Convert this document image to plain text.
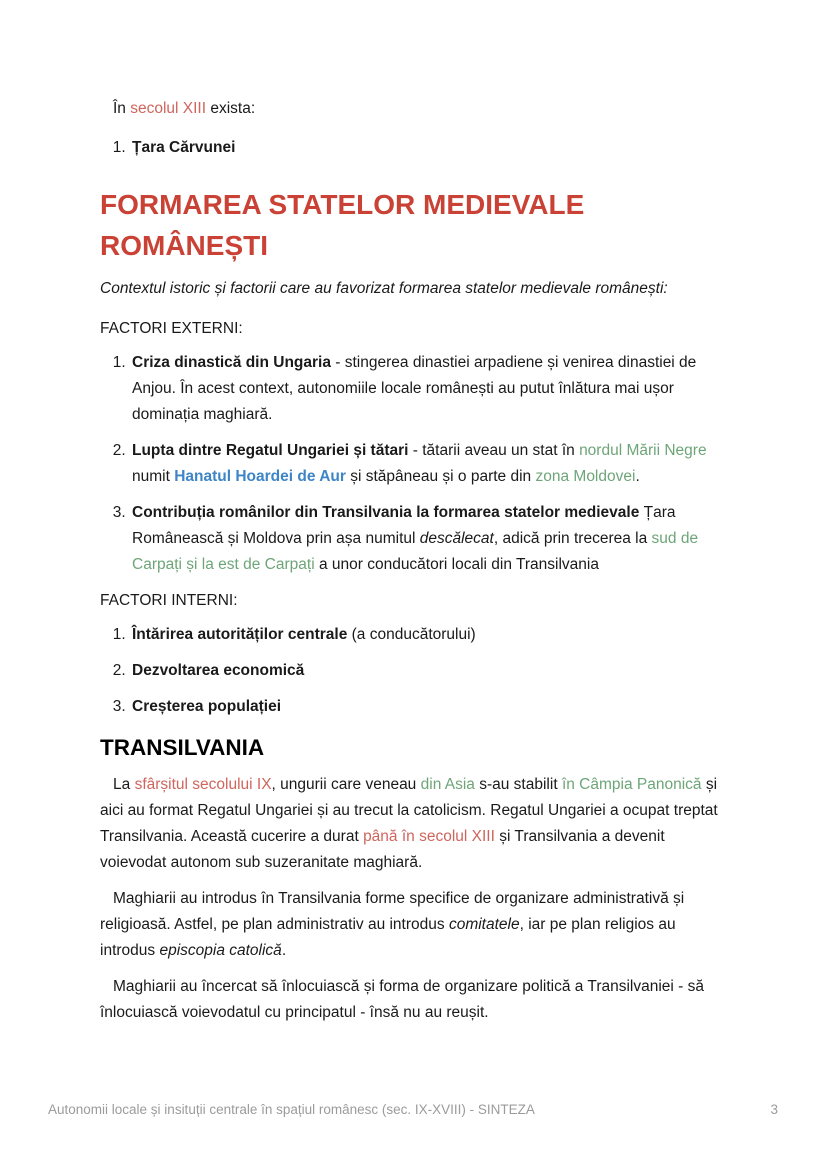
În secolul XIII exista:

1. Țara Cărvunei
FORMAREA STATELOR MEDIEVALE ROMÂNEȘTI

Contextul istoric și factorii care au favorizat formarea statelor medievale românești:

FACTORI EXTERNI:

1. Criza dinastică din Ungaria - stingerea dinastiei arpadiene și venirea dinastiei de Anjou. În acest context, autonomiile locale românești au putut înlătura mai ușor dominația maghiară.
2. Lupta dintre Regatul Ungariei și tătari - tătarii aveau un stat în nordul Mării Negre numit Hanatul Hoardei de Aur și stăpâneau și o parte din zona Moldovei.
3. Contribuția românilor din Transilvania la formarea statelor medievale Țara Românească și Moldova prin așa numitul descălecat, adică prin trecerea la sud de Carpați și la est de Carpați a unor conducători locali din Transilvania

FACTORI INTERNI:

1. Întărirea autorităților centrale (a conducătorului)
2. Dezvoltarea economică
3. Creșterea populației
TRANSILVANIA

La sfârșitul secolului IX, ungurii care veneau din Asia s-au stabilit în Câmpia Panonică și aici au format Regatul Ungariei și au trecut la catolicism. Regatul Ungariei a ocupat treptat Transilvania. Această cucerire a durat până în secolul XIII și Transilvania a devenit voievodat autonom sub suzeranitate maghiară.

Maghiarii au introdus în Transilvania forme specifice de organizare administrativă și religioasă. Astfel, pe plan administrativ au introdus comitatele, iar pe plan religios au introdus episcopia catolică.

Maghiarii au încercat să înlocuiască și forma de organizare politică a Transilvaniei - să înlocuiască voievodatul cu principatul - însă nu au reușit.

Autonomii locale și insituții centrale în spațiul românesc (sec. IX-XVIII) - SINTEZA	3
